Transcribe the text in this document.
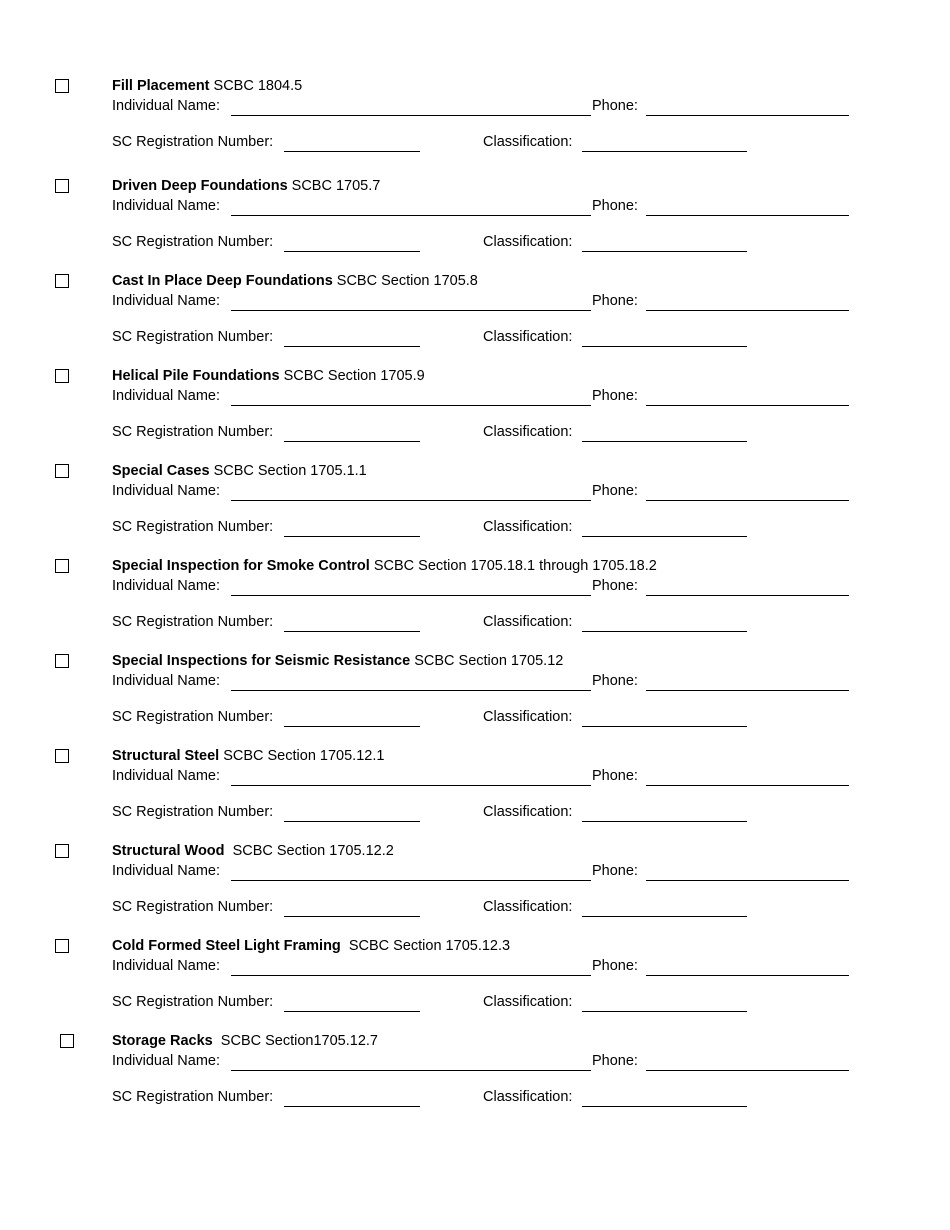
Fill Placement SCBC 1804.5
Individual Name:	Phone:
SC Registration Number:	Classification:
Driven Deep Foundations SCBC 1705.7
Individual Name:	Phone:
SC Registration Number:	Classification:
Cast In Place Deep Foundations SCBC Section 1705.8
Individual Name:	Phone:
SC Registration Number:	Classification:
Helical Pile Foundations SCBC Section 1705.9
Individual Name:	Phone:
SC Registration Number:	Classification:
Special Cases SCBC Section 1705.1.1
Individual Name:	Phone:
SC Registration Number:	Classification:
Special Inspection for Smoke Control SCBC Section 1705.18.1 through 1705.18.2
Individual Name:	Phone:
SC Registration Number:	Classification:
Special Inspections for Seismic Resistance SCBC Section 1705.12
Individual Name:	Phone:
SC Registration Number:	Classification:
Structural Steel SCBC Section 1705.12.1
Individual Name:	Phone:
SC Registration Number:	Classification:
Structural Wood  SCBC Section 1705.12.2
Individual Name:	Phone:
SC Registration Number:	Classification:
Cold Formed Steel Light Framing  SCBC Section 1705.12.3
Individual Name:	Phone:
SC Registration Number:	Classification:
Storage Racks  SCBC Section1705.12.7
Individual Name:	Phone:
SC Registration Number:	Classification:
